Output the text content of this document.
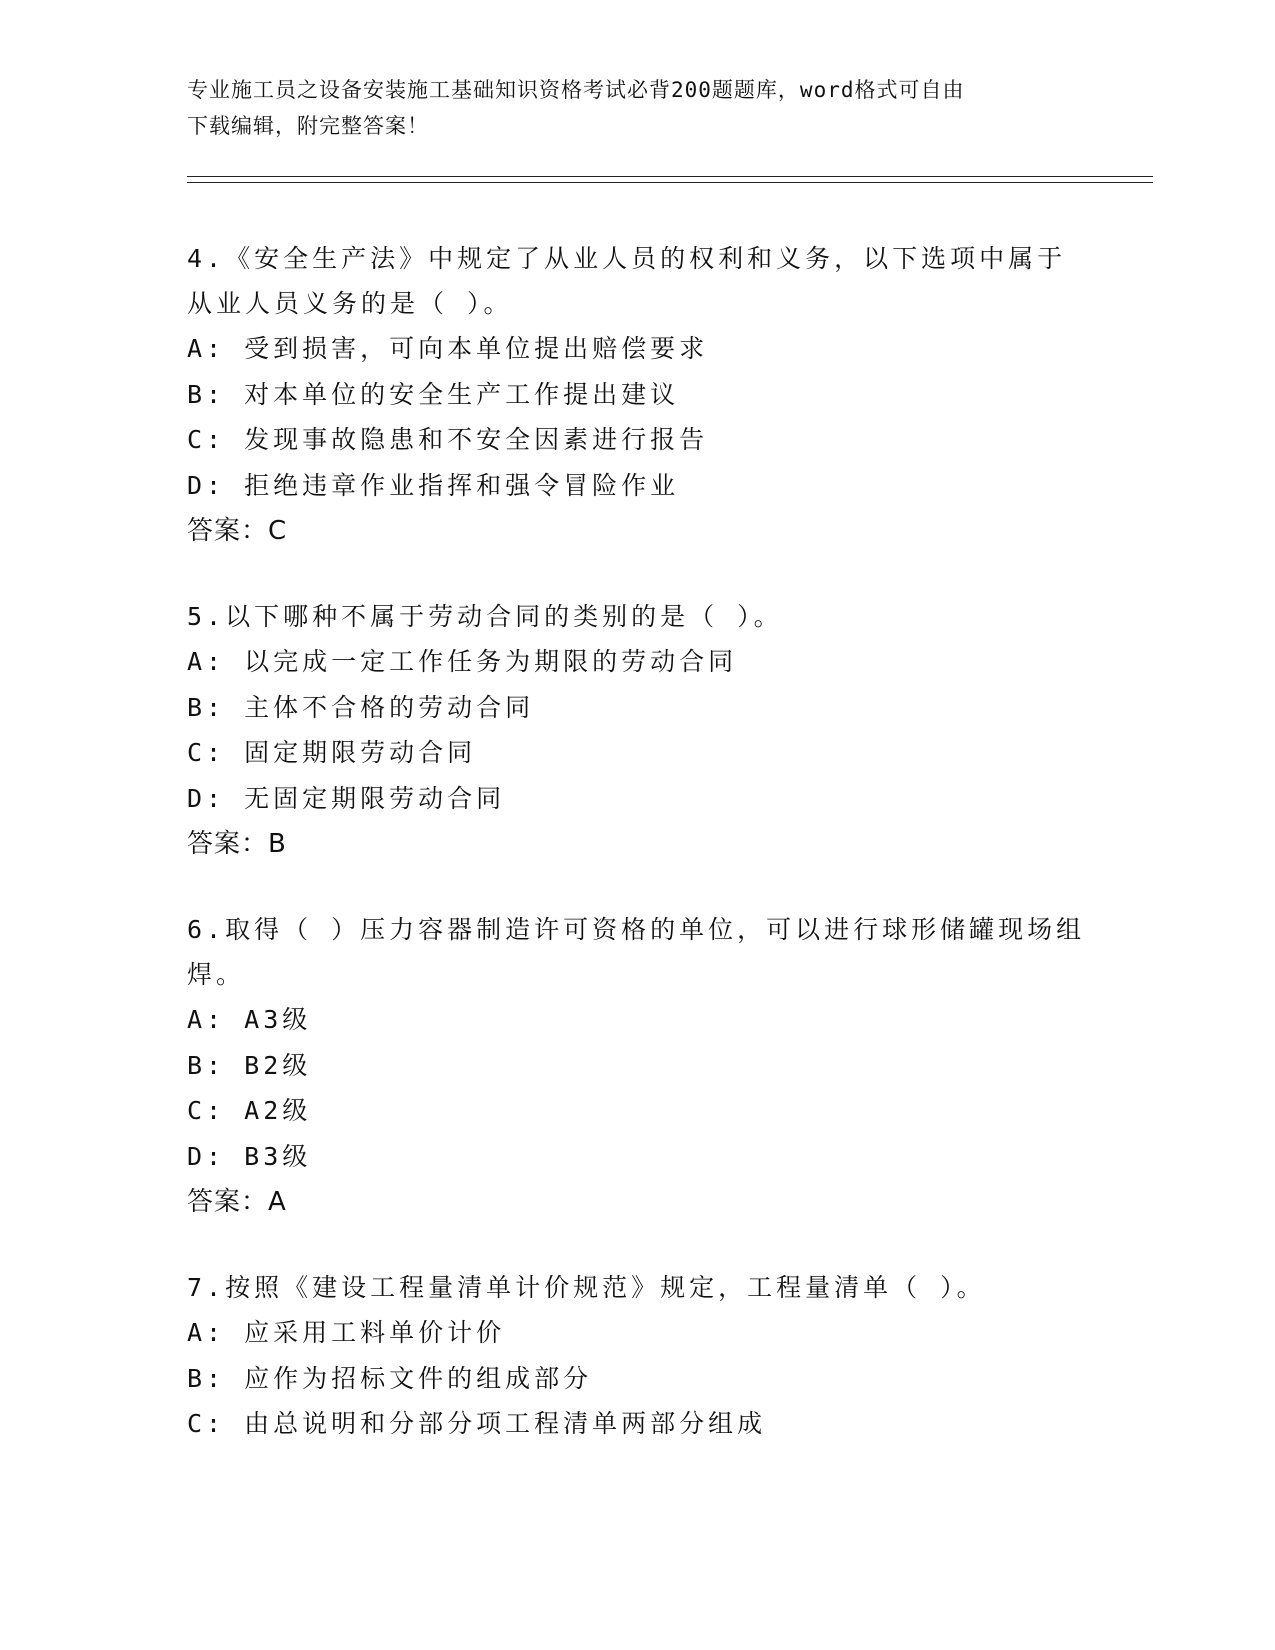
专业施工员之设备安装施工基础知识资格考试必背200题题库，word格式可自由
下载编辑，附完整答案！
4.《安全生产法》中规定了从业人员的权利和义务，以下选项中属于
从业人员义务的是（ ）。
A: 受到损害，可向本单位提出赔偿要求
B: 对本单位的安全生产工作提出建议
C: 发现事故隐患和不安全因素进行报告
D: 拒绝违章作业指挥和强令冒险作业
答案：C
5.以下哪种不属于劳动合同的类别的是（ ）。
A: 以完成一定工作任务为期限的劳动合同
B: 主体不合格的劳动合同
C: 固定期限劳动合同
D: 无固定期限劳动合同
答案：B
6.取得（ ）压力容器制造许可资格的单位，可以进行球形储罐现场组
焊。
A: A3级
B: B2级
C: A2级
D: B3级
答案：A
7.按照《建设工程量清单计价规范》规定，工程量清单（ ）。
A: 应采用工料单价计价
B: 应作为招标文件的组成部分
C: 由总说明和分部分项工程清单两部分组成
